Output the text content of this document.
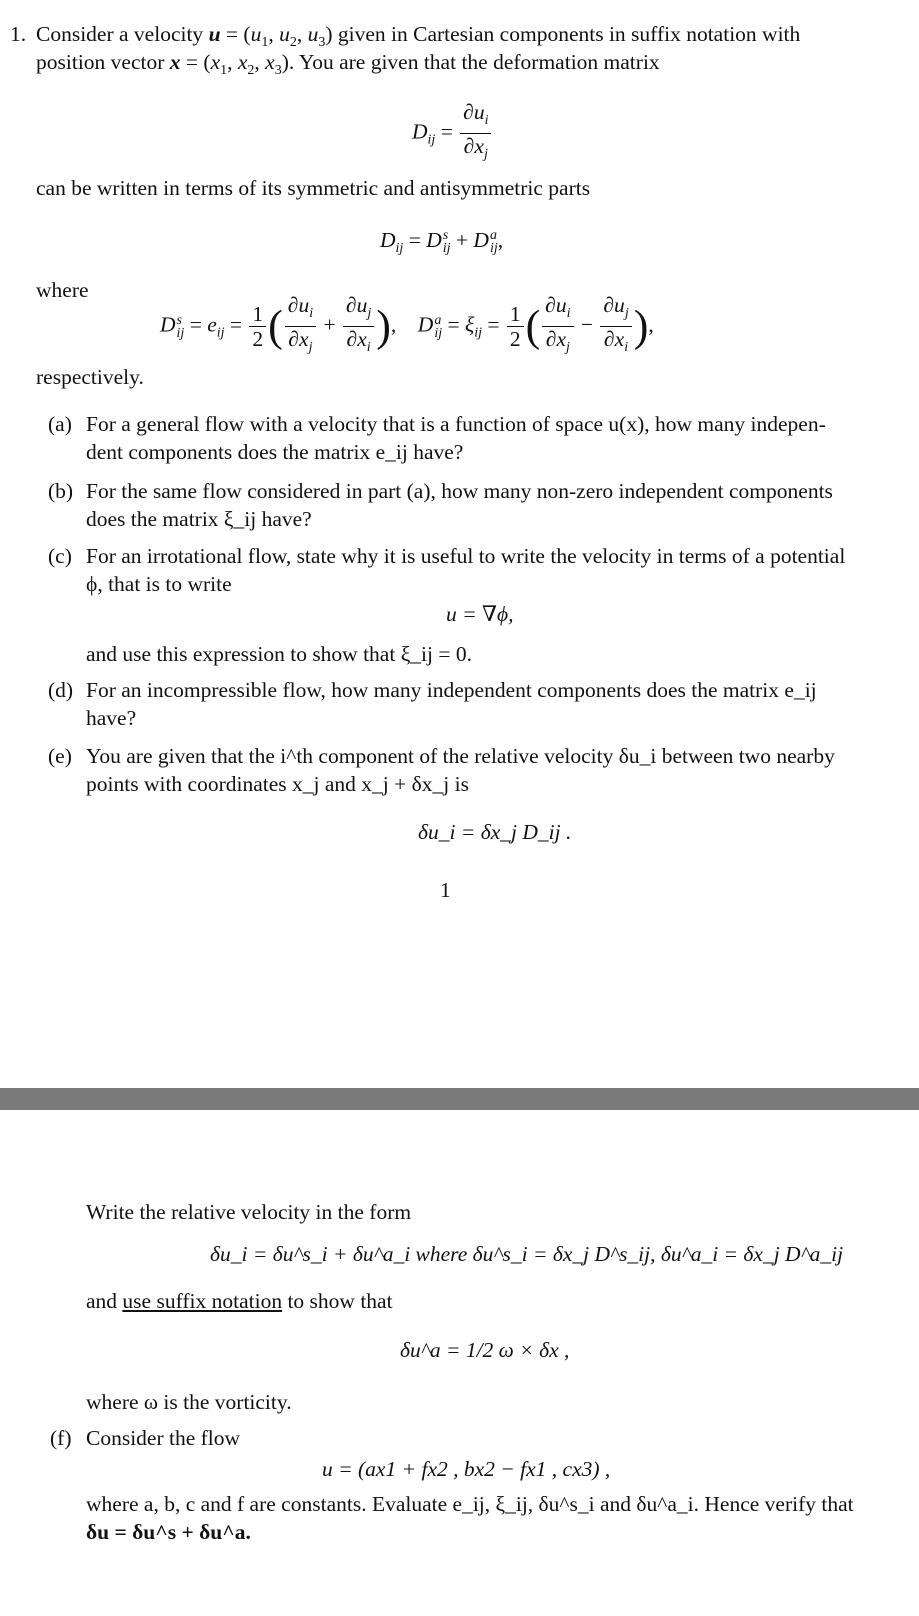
1. Consider a velocity $u = (u_1$, $u_2$, $u_3$) given in Cartesian components in suffix notation with
position vector $x = (x_1$, $x_2$, $x_3$). You are given that the deformation matrix
$D_{ij} = \frac{\partial u_i}{\partial x_j}$
can be written in terms of its symmetric and antisymmetric parts
$D_{ij} = D$ s
ij + D a
ij ,
where
D s
ij = $e_{ij} = \frac{1}{2}$ ( $\frac{\partial u_i}{\partial x_j} + \frac{\partial u_j}{\partial x_i}$ ),    D a
ij = $\xi_{ij} = \frac{1}{2}$ ( $\frac{\partial u_i}{\partial x_j} - \frac{\partial u_j}{\partial x_i}$ ),
respectively.
(a) For a general flow with a velocity that is a function of space u(x), how many indepen-
dent components does the matrix e_ij have?
(b) For the same flow considered in part (a), how many non-zero independent components
does the matrix ξ_ij have?
(c) For an irrotational flow, state why it is useful to write the velocity in terms of a potential
ϕ, that is to write
u = ∇ϕ,
and use this expression to show that ξ_ij = 0.
(d) For an incompressible flow, how many independent components does the matrix e_ij
have?
(e) You are given that the i^th component of the relative velocity δu_i between two nearby
points with coordinates x_j and x_j + δx_j is
δu_i = δx_j D_ij .
1
Write the relative velocity in the form
δu_i = δu^s_i + δu^a_i where δu^s_i = δx_j D^s_ij, δu^a_i = δx_j D^a_ij
and use suffix notation to show that
δu^a = 1/2 ω × δx ,
where ω is the vorticity.
(f) Consider the flow
u = (ax1 + fx2 , bx2 − fx1 , cx3) ,
where a, b, c and f are constants. Evaluate e_ij, ξ_ij, δu^s_i and δu^a_i. Hence verify that
δu = δu^s + δu^a.
